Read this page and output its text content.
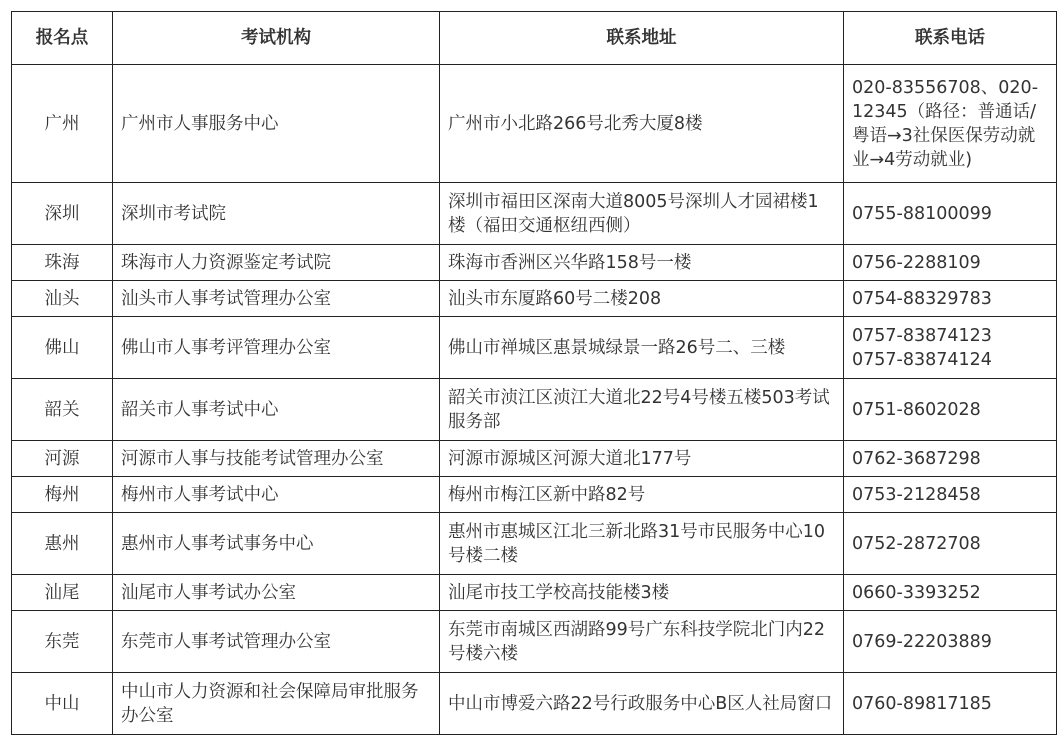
报名点	考试机构	联系地址	联系电话
广州	广州市人事服务中心	广州市小北路266号北秀大厦8楼	020-83556708、020-12345（路径：普通话/粤语→3社保医保劳动就业→4劳动就业)

深圳	深圳市考试院	深圳市福田区深南大道8005号深圳人才园裙楼1楼（福田交通枢纽西侧）	0755-88100099

珠海	珠海市人力资源鉴定考试院	珠海市香洲区兴华路158号一楼	0756-2288109

汕头	汕头市人事考试管理办公室	汕头市东厦路60号二楼208	0754-88329783

佛山	佛山市人事考评管理办公室	佛山市禅城区惠景城绿景一路26号二、三楼	0757-83874123
0757-83874124

韶关	韶关市人事考试中心	韶关市浈江区浈江大道北22号4号楼五楼503考试服务部	0751-8602028

河源	河源市人事与技能考试管理办公室	河源市源城区河源大道北177号	0762-3687298

梅州	梅州市人事考试中心	梅州市梅江区新中路82号	0753-2128458

惠州	惠州市人事考试事务中心	惠州市惠城区江北三新北路31号市民服务中心10号楼二楼	0752-2872708

汕尾	汕尾市人事考试办公室	汕尾市技工学校高技能楼3楼	0660-3393252

东莞	东莞市人事考试管理办公室	东莞市南城区西湖路99号广东科技学院北门内22号楼六楼	0769-22203889

中山	中山市人力资源和社会保障局审批服务办公室	中山市博爱六路22号行政服务中心B区人社局窗口	0760-89817185
